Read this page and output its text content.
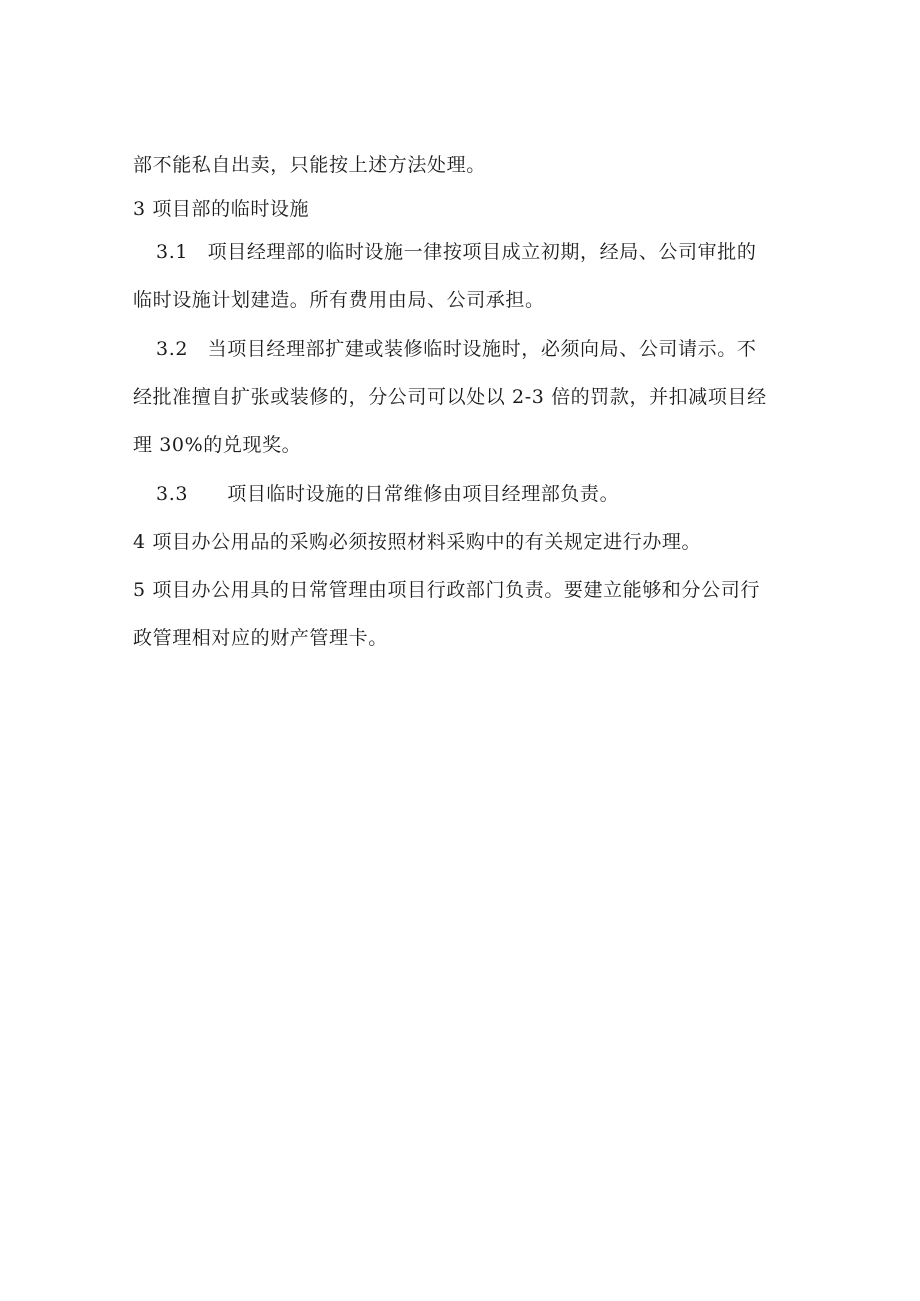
部不能私自出卖，只能按上述方法处理。
3 项目部的临时设施
3.1　项目经理部的临时设施一律按项目成立初期，经局、公司审批的
临时设施计划建造。所有费用由局、公司承担。
3.2　当项目经理部扩建或装修临时设施时，必须向局、公司请示。不
经批准擅自扩张或装修的，分公司可以处以 2-3 倍的罚款，并扣减项目经
理 30%的兑现奖。
3.3　　项目临时设施的日常维修由项目经理部负责。
4 项目办公用品的采购必须按照材料采购中的有关规定进行办理。
5 项目办公用具的日常管理由项目行政部门负责。要建立能够和分公司行
政管理相对应的财产管理卡。
